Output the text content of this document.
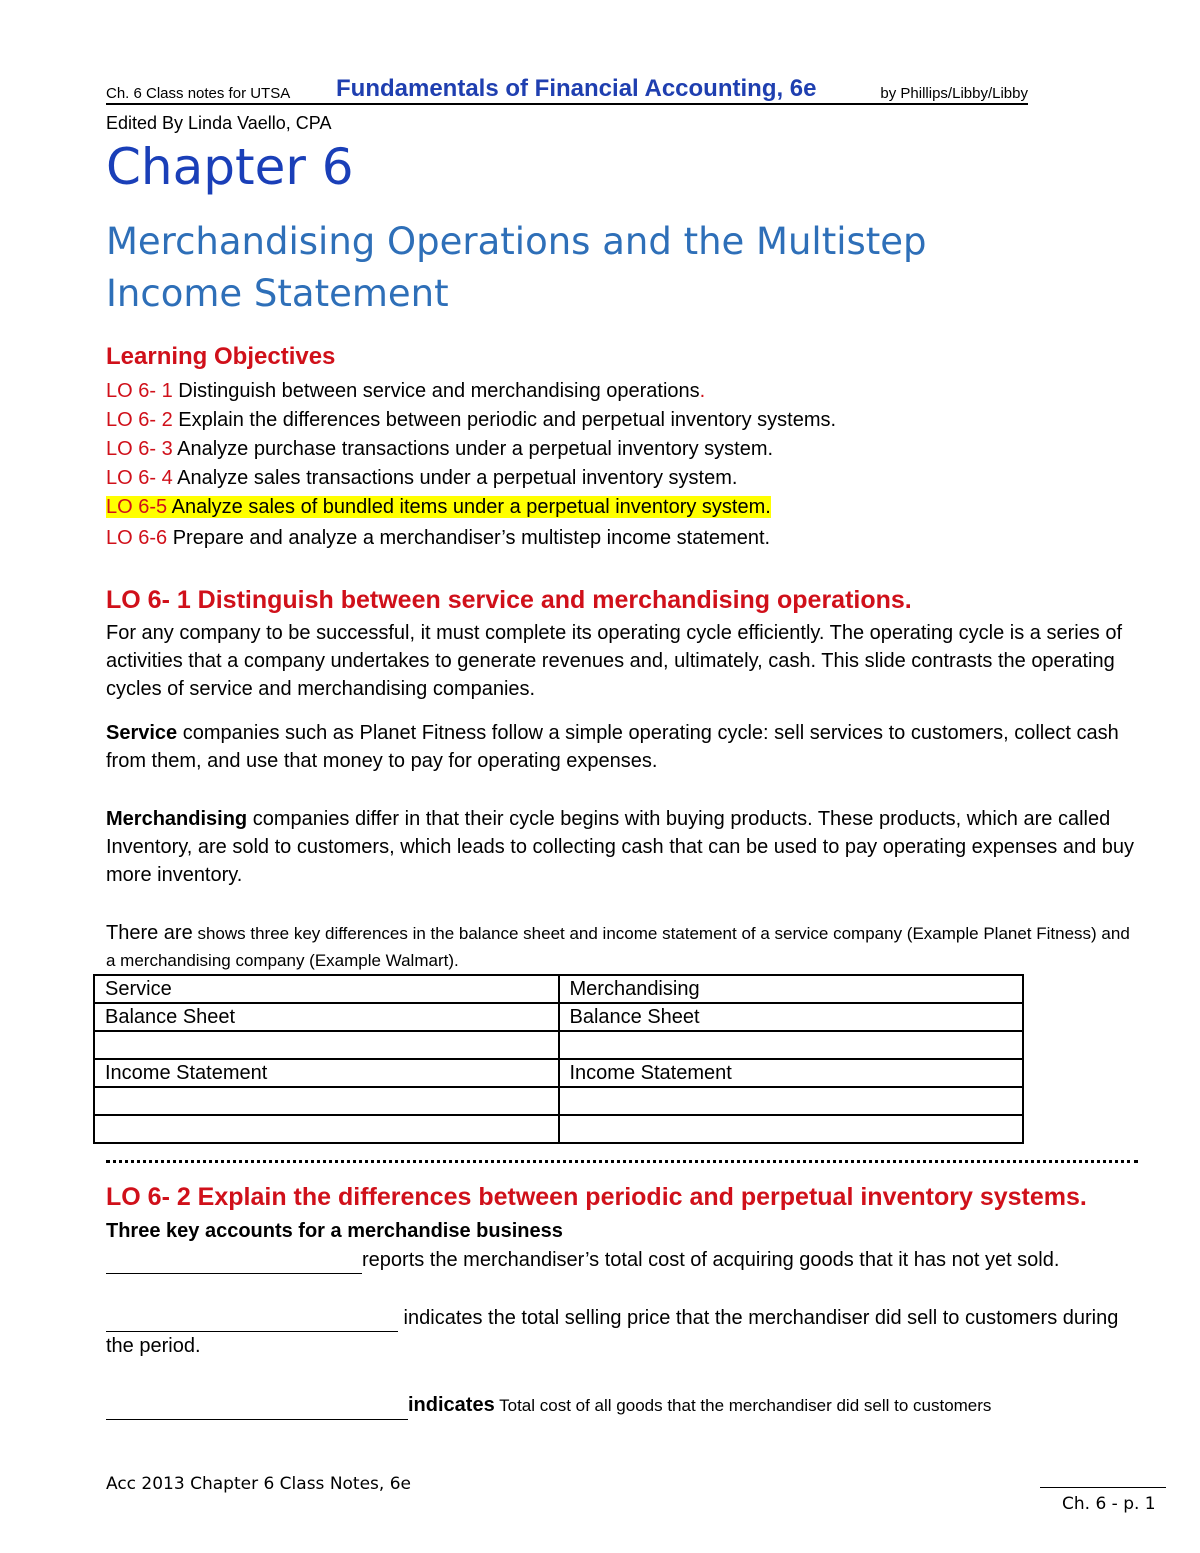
Ch. 6 Class notes for UTSA Fundamentals of Financial Accounting, 6e	by Phillips/Libby/Libby
Edited By Linda Vaello, CPA
Chapter 6
Merchandising Operations and the Multistep
Income Statement
Learning Objectives
LO 6- 1 Distinguish between service and merchandising operations.
LO 6- 2 Explain the differences between periodic and perpetual inventory systems.
LO 6- 3 Analyze purchase transactions under a perpetual inventory system.
LO 6- 4 Analyze sales transactions under a perpetual inventory system.
LO 6-5 Analyze sales of bundled items under a perpetual inventory system.
LO 6-6 Prepare and analyze a merchandiser’s multistep income statement.
LO 6- 1 Distinguish between service and merchandising operations.
For any company to be successful, it must complete its operating cycle efficiently. The operating cycle is a series of activities that a company undertakes to generate revenues and, ultimately, cash. This slide contrasts the operating cycles of service and merchandising companies.
Service companies such as Planet Fitness follow a simple operating cycle: sell services to customers, collect cash from them, and use that money to pay for operating expenses.
Merchandising companies differ in that their cycle begins with buying products. These products, which are called Inventory, are sold to customers, which leads to collecting cash that can be used to pay operating expenses and buy more inventory.
There are shows three key differences in the balance sheet and income statement of a service company (Example Planet Fitness) and a merchandising company (Example Walmart).
Service	Merchandising
Balance Sheet	Balance Sheet

Income Statement	Income Statement

LO 6- 2 Explain the differences between periodic and perpetual inventory systems.
Three key accounts for a merchandise business
reports the merchandiser’s total cost of acquiring goods that it has not yet sold.
indicates the total selling price that the merchandiser did sell to customers during the period.
indicates Total cost of all goods that the merchandiser did sell to customers
Acc 2013 Chapter 6 Class Notes, 6e
Ch. 6 - p. 1
